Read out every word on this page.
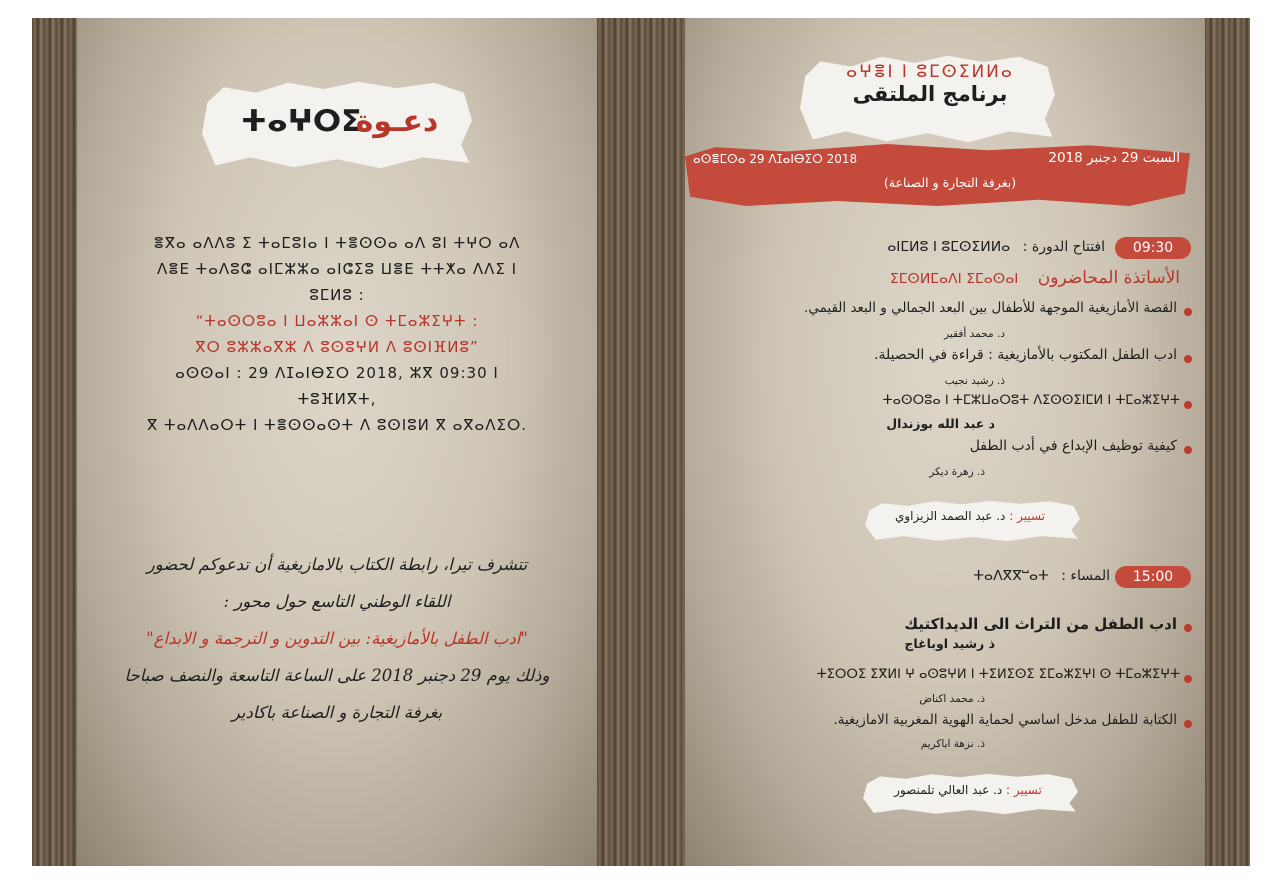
دعـوةⵜⴰⵖⵔⵉ
ⴻⴳⴰ ⴰⴷⴷⵓ ⵉ ⵜⴰⵎⵓⵏⴰ ⵏ ⵜⴻⵙⵙⴰ ⴰⴷ ⵓⵏ ⵜⵖⵔ ⴰⴷ
ⴷⴻⴹ ⵜⴰⴷⵓⵛ ⴰⵏⵎⵣⵣⴰ ⴰⵏⵛⵉⵓ ⵡⴻⴹ ⵜⵜⵅⴰ ⴷⴷⵉ ⵏ
ⵓⵎⵍⵓ :
“ⵜⴰⵙⵔⵓⴰ ⵏ ⵡⴰⵣⵣⴰⵏ ⵙ ⵜⵎⴰⵣⵉⵖⵜ :
ⴳⵔ ⵓⵣⵣⴰⴳⵣ ⴷ ⵓⵙⵓⵖⵍ ⴷ ⵓⵙⵏⴼⵍⵓ”
ⴰⵙⵙⴰⵏ : 29 ⴷⵊⴰⵏⴱⵉⵔ 2018, ⵣⴳ 09:30 ⵏ
ⵜⵓⴼⵍⴳⵜ,
ⴳ ⵜⴰⴷⴷⴰⵔⵜ ⵏ ⵜⴻⵙⵙⴰⵙⵜ ⴷ ⵓⵙⵏⵓⵍ ⴳ ⴰⴳⴰⴷⵉⵔ.
تتشرف تيرا، رابطة الكتاب بالامازيغية أن تدعوكم لحضور
اللقاء الوطني التاسع حول محور :
"ادب الطفل بالأمازيغية: بين التدوين و الترجمة و الابداع"
وذلك يوم 29 دجنبر 2018 على الساعة التاسعة والنصف صباحا
بغرفة التجارة و الصناعة باكادير
ⴰⵖⴻⵏ ⵏ ⵓⵎⵙⵉⵍⵍⴰ
برنامج الملتقى
السبت 29 دجنبر 2018
ⴰⵙⴻⵎⵙⴰ 29 ⴷⵊⴰⵏⴱⵉⵔ 2018
(بغرفة التجارة و الصناعة)
09:30
افتتاح الدورة : ⴰⵏⵎⵍⵓ ⵏ ⵓⵎⵙⵉⵍⵍⴰ
الأساتذة المحاضرون ⵉⵎⵙⵍⵎⴰⴷⵏ ⵉⵎⴰⵙⴰⵏ
القصة الأمازيغية الموجهة للأطفال بين البعد الجمالي و البعد القيمي.
د. محمد أفقير
ادب الطفل المكتوب بالأمازيغية : قراءة في الحصيلة.
ذ. رشيد نجيب
ⵜⴰⵙⵔⵓⴰ ⵏ ⵜⵎⵣⵡⴰⵔⵓⵜ ⴷⵉⵙⵙⵉⵏⵎⵍ ⵏ ⵜⵎⴰⵣⵉⵖⵜ
د عبد الله بوزندال
كيفية توظيف الإبداع في أدب الطفل
ذ. زهرة ديكر
تسيير : د. عبد الصمد الزيزاوي
15:00
المساء : ⵜⴰⴷⴳⴳⵯⴰⵜ
ادب الطفل من التراث الى الديداكتيك
ذ رشيد اوباغاج
ⵜⵉⵔⵔⵉ ⵉⴳⵍⵏ ⵖ ⴰⵙⵓⵖⵍ ⵏ ⵜⵉⵍⵉⵙⵉ ⵉⵎⴰⵣⵉⵖⵏ ⵙ ⵜⵎⴰⵣⵉⵖⵜ
ذ. محمد اكناض
الكتابة للطفل مدخل اساسي لحماية الهوية المغربية الامازيغية.
ذ. نزهة اباكريم
تسيير : د. عبد العالي تلمنصور
